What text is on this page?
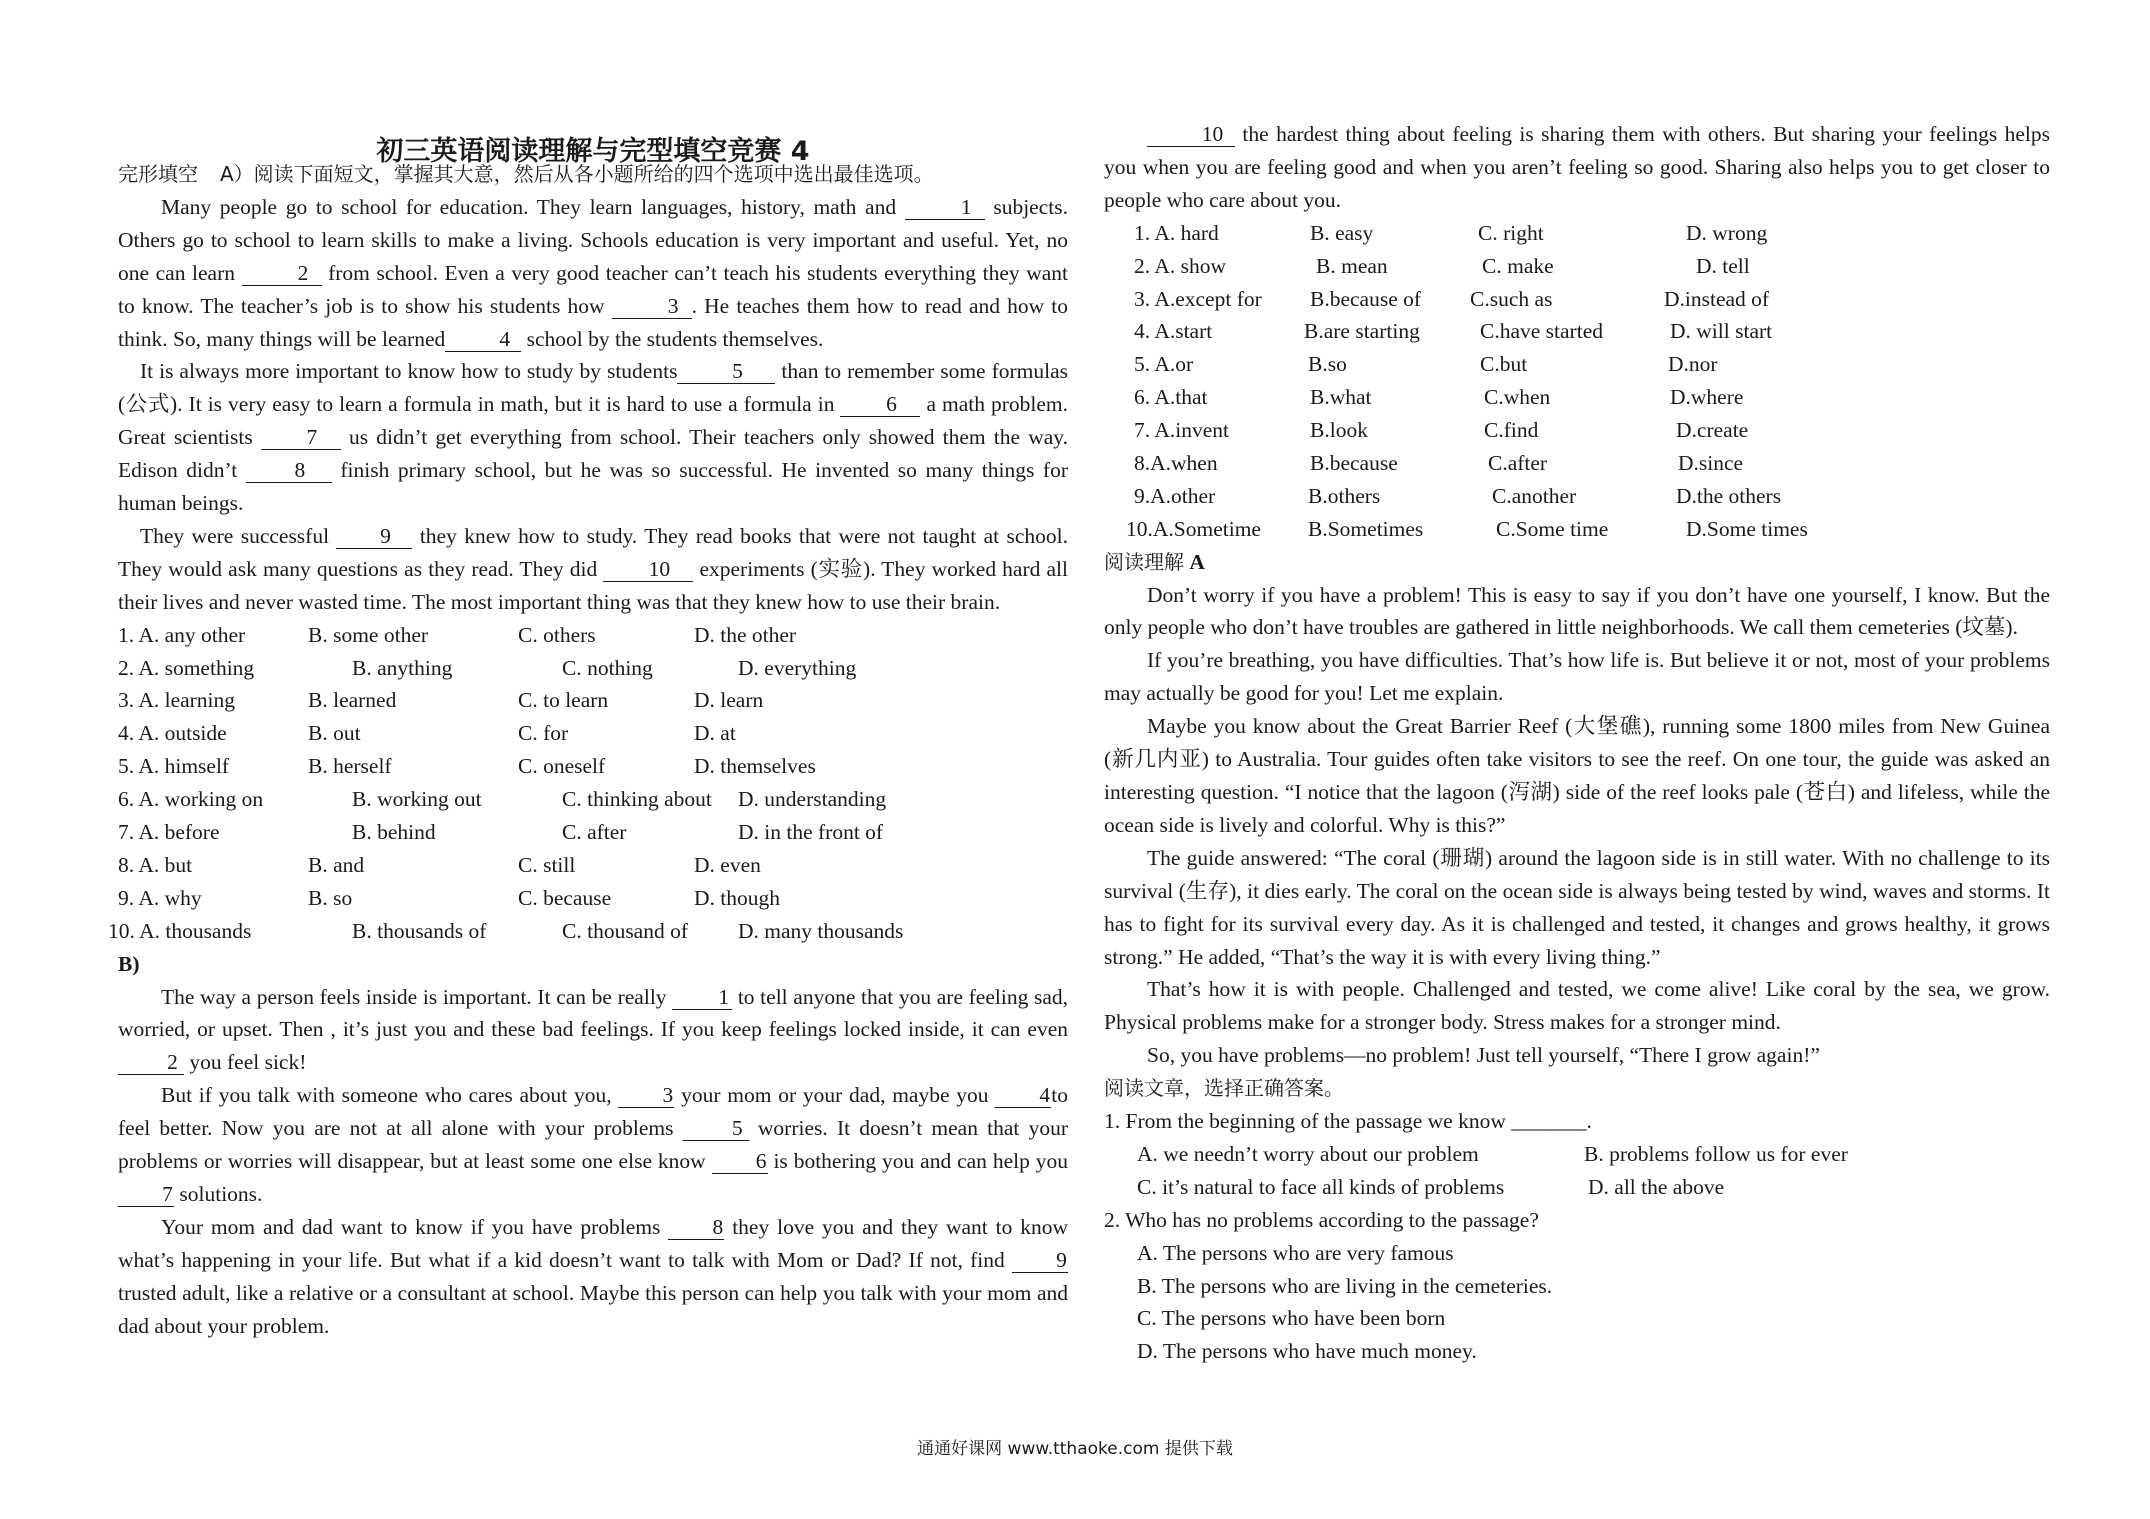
初三英语阅读理解与完型填空竞赛 4
完形填空 A）阅读下面短文，掌握其大意，然后从各小题所给的四个选项中选出最佳选项。

Many people go to school for education. They learn languages, history, math and	1 subjects. Others go to school to learn skills to make a living. Schools education is very important and useful. Yet, no one can learn	2 from school. Even a very good teacher can’t teach his students everything they want to know. The teacher’s job is to show his students how	3 . He teaches them how to read and how to think. So, many things will be learned	4 school by the students themselves.

It is always more important to know how to study by students	5 than to remember some formulas (公式). It is very easy to learn a formula in math, but it is hard to use a formula in 6 a math problem. Great scientists 7 us didn’t get everything from school. Their teachers only showed them the way. Edison didn’t 8 finish primary school, but he was so successful. He invented so many things for human beings.

They were successful 9 they knew how to study. They read books that were not taught at school. They would ask many questions as they read. They did 10 experiments (实验). They worked hard all their lives and never wasted time. The most important thing was that they knew how to use their brain.

1. A. any other	B. some other	C. others	D. the other
2. A. something	B. anything	C. nothing	D. everything
3. A. learning	B. learned	C. to learn	D. learn
4. A. outside	B. out	C. for	D. at
5. A. himself	B. herself	C. oneself	D. themselves
6. A. working on	B. working out	C. thinking about D. understanding
7. A. before	B. behind	C. after	D. in the front of
8. A. but	B. and	C. still	D. even
9. A. why	B. so	C. because	D. though
10. A. thousands	B. thousands of	C. thousand of D. many thousands
B)

The way a person feels inside is important. It can be really 1 to tell anyone that you are feeling sad, worried, or upset. Then , it’s just you and these bad feelings. If you keep feelings locked inside, it can even 2 you feel sick!

But if you talk with someone who cares about you, 3 your mom or your dad, maybe you 4to feel better. Now you are not at all alone with your problems 5 worries. It doesn’t mean that your problems or worries will disappear, but at least some one else know 6 is bothering you and can help you 7 solutions.

Your mom and dad want to know if you have problems 8 they love you and they want to know what’s happening in your life. But what if a kid doesn’t want to talk with Mom or Dad? If not, find 9 trusted adult, like a relative or a consultant at school. Maybe this person can help you talk with your mom and dad about your problem.

10 the hardest thing about feeling is sharing them with others. But sharing your feelings helps you when you are feeling good and when you aren’t feeling so good. Sharing also helps you to get closer to people who care about you.

1. A. hard	B. easy	C. right	D. wrong
2. A. show	B. mean	C. make	D. tell
3. A.except for B.because of C.such as	D.instead of
4. A.start	B.are starting	C.have started	D. will start
5. A.or	B.so	C.but	D.nor
6. A.that	B.what	C.when	D.where
7. A.invent	B.look	C.find	D.create
8.A.when	B.because	C.after	D.since
9.A.other	B.others	C.another	D.the others
10.A.Sometime B.Sometimes	C.Some time	D.Some times
阅读理解 A

Don’t worry if you have a problem! This is easy to say if you don’t have one yourself, I know. But the only people who don’t have troubles are gathered in little neighborhoods. We call them cemeteries (坟墓).

If you’re breathing, you have difficulties. That’s how life is. But believe it or not, most of your problems may actually be good for you! Let me explain.

Maybe you know about the Great Barrier Reef (大堡礁), running some 1800 miles from New Guinea (新几内亚) to Australia. Tour guides often take visitors to see the reef. On one tour, the guide was asked an interesting question. “I notice that the lagoon (泻湖) side of the reef looks pale (苍白) and lifeless, while the ocean side is lively and colorful. Why is this?”

The guide answered: “The coral (珊瑚) around the lagoon side is in still water. With no challenge to its survival (生存), it dies early. The coral on the ocean side is always being tested by wind, waves and storms. It has to fight for its survival every day. As it is challenged and tested, it changes and grows healthy, it grows strong.” He added, “That’s the way it is with every living thing.”

That’s how it is with people. Challenged and tested, we come alive! Like coral by the sea, we grow. Physical problems make for a stronger body. Stress makes for a stronger mind.

So, you have problems—no problem! Just tell yourself, “There I grow again!”

阅读文章，选择正确答案。
1. From the beginning of the passage we know _______.
A. we needn’t worry about our problem	B. problems follow us for ever
C. it’s natural to face all kinds of problems	D. all the above
2. Who has no problems according to the passage?
A. The persons who are very famous
B. The persons who are living in the cemeteries.
C. The persons who have been born
D. The persons who have much money.
通通好课网 www.tthaoke.com 提供下载
